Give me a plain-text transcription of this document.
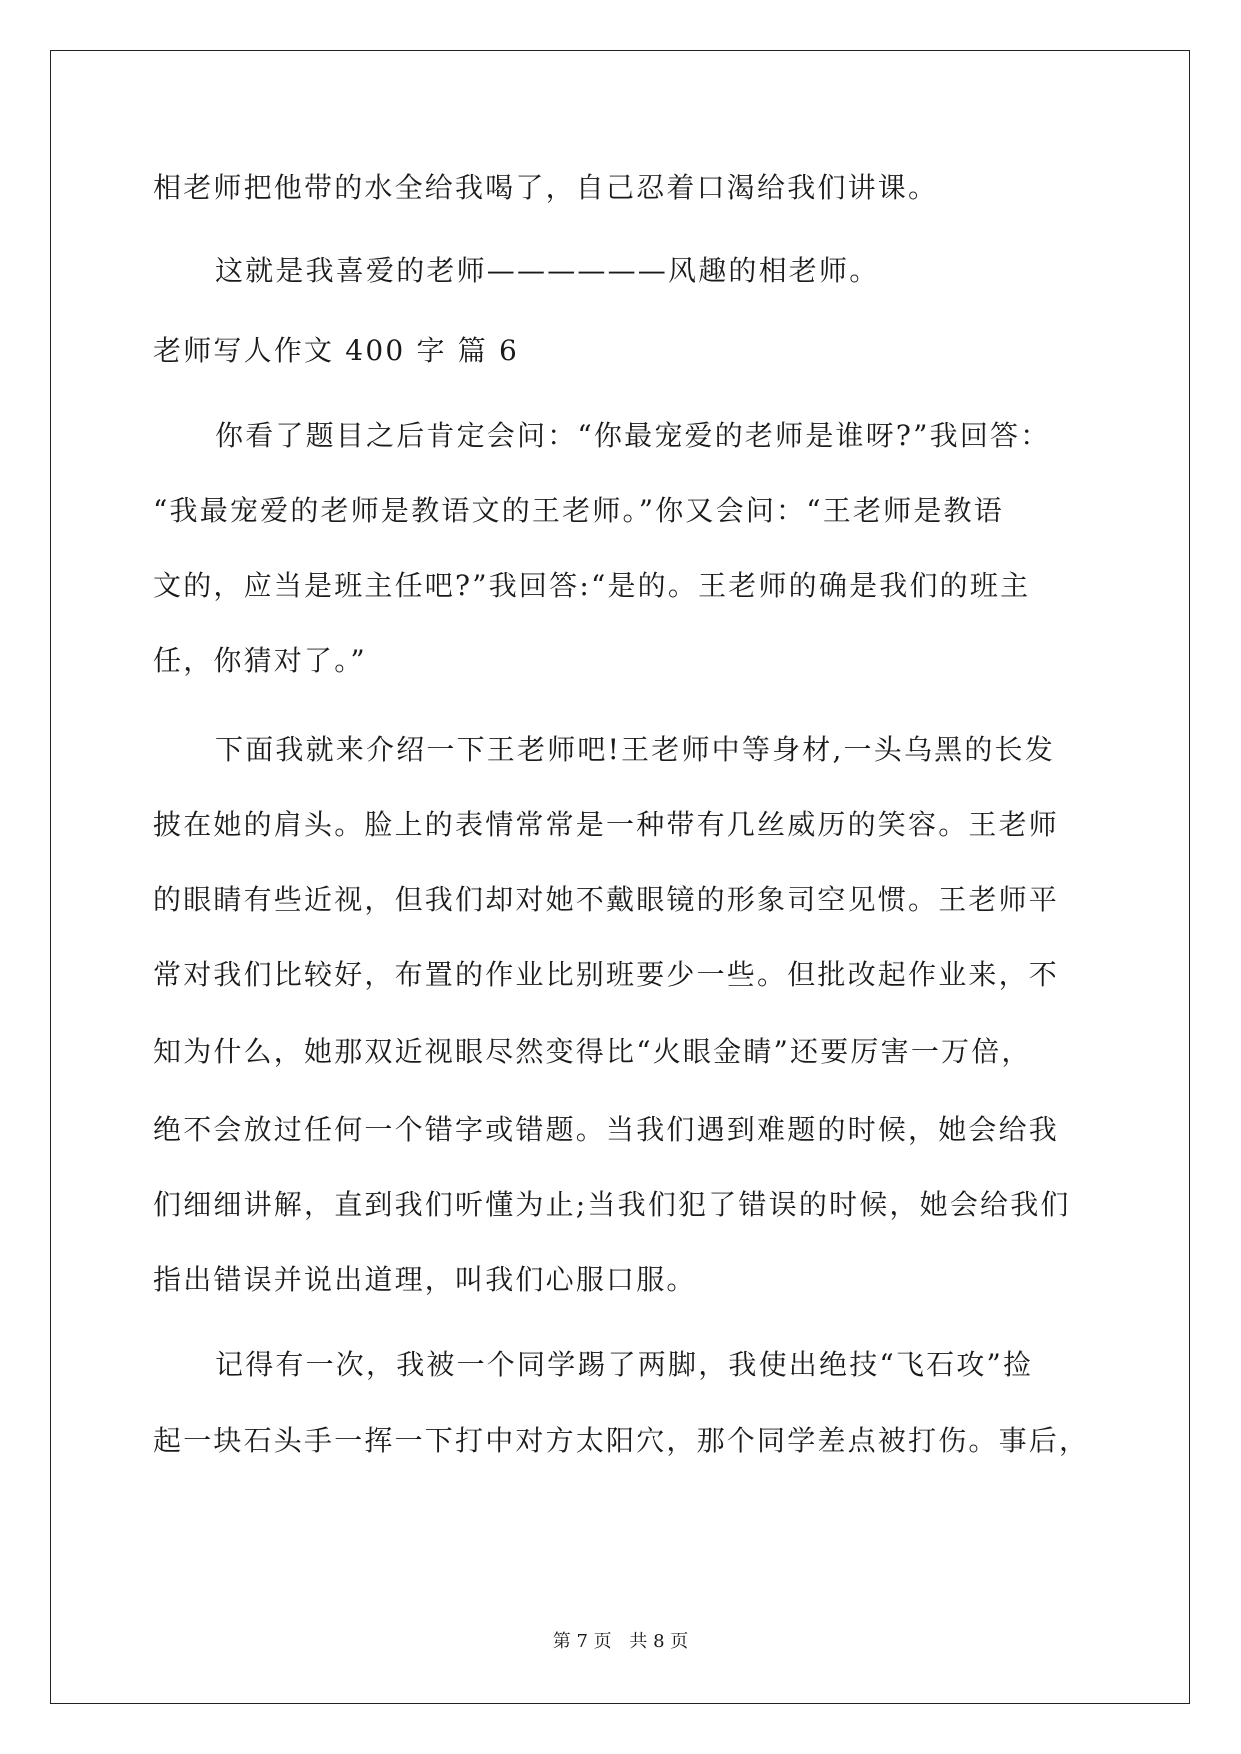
相老师把他带的水全给我喝了，自己忍着口渴给我们讲课。
这就是我喜爱的老师——————风趣的相老师。
老师写人作文 400 字 篇 6
你看了题目之后肯定会问：“你最宠爱的老师是谁呀?”我回答：
“我最宠爱的老师是教语文的王老师。”你又会问：“王老师是教语
文的，应当是班主任吧?”我回答:“是的。王老师的确是我们的班主
任，你猜对了。”
下面我就来介绍一下王老师吧!王老师中等身材,一头乌黑的长发
披在她的肩头。脸上的表情常常是一种带有几丝威历的笑容。王老师
的眼睛有些近视，但我们却对她不戴眼镜的形象司空见惯。王老师平
常对我们比较好，布置的作业比别班要少一些。但批改起作业来，不
知为什么，她那双近视眼尽然变得比“火眼金睛”还要厉害一万倍，
绝不会放过任何一个错字或错题。当我们遇到难题的时候，她会给我
们细细讲解，直到我们听懂为止;当我们犯了错误的时候，她会给我们
指出错误并说出道理，叫我们心服口服。
记得有一次，我被一个同学踢了两脚，我使出绝技“飞石攻”捡
起一块石头手一挥一下打中对方太阳穴，那个同学差点被打伤。事后，
第 7 页 共 8 页
